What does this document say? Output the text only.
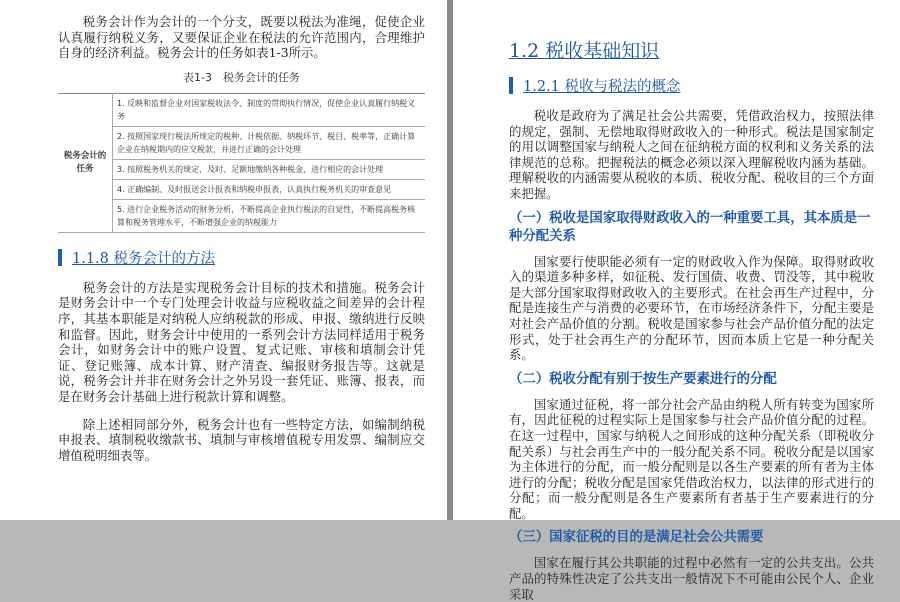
税务会计作为会计的一个分支，既要以税法为准绳，促使企业认真履行纳税义务，又要保证企业在税法的允许范围内，合理维护自身的经济利益。税务会计的任务如表1-3所示。

表1-3　税务会计的任务
税务会计的任务	1. 反映和监督企业对国家税收法令、制度的贯彻执行情况，促使企业认真履行纳税义务
2. 按照国家现行税法所规定的税种、计税依据、纳税环节、税目、税率等，正确计算企业在纳税期内的应交税款，并进行正确的会计处理
3. 按照税务机关的规定，及时、足额地缴纳各种税金，进行相应的会计处理
4. 正确编制、及时报送会计报表和纳税申报表，认真执行税务机关的审查意见
5. 进行企业税务活动的财务分析，不断提高企业执行税法的自觉性，不断提高税务核算和税务管理水平，不断增强企业的纳税能力
1.1.8 税务会计的方法

税务会计的方法是实现税务会计目标的技术和措施。税务会计是财务会计中一个专门处理会计收益与应税收益之间差异的会计程序，其基本职能是对纳税人应纳税款的形成、申报、缴纳进行反映和监督。因此，财务会计中使用的一系列会计方法同样适用于税务会计，如财务会计中的账户设置、复式记账、审核和填制会计凭证、登记账簿、成本计算、财产清查、编报财务报告等。这就是说，税务会计并非在财务会计之外另设一套凭证、账簿、报表，而是在财务会计基础上进行税款计算和调整。

除上述相同部分外，税务会计也有一些特定方法，如编制纳税申报表、填制税收缴款书、填制与审核增值税专用发票、编制应交增值税明细表等。

1.2 税收基础知识
1.2.1 税收与税法的概念

税收是政府为了满足社会公共需要，凭借政治权力，按照法律的规定，强制、无偿地取得财政收入的一种形式。税法是国家制定的用以调整国家与纳税人之间在征纳税方面的权利和义务关系的法律规范的总称。把握税法的概念必须以深入理解税收内涵为基础。理解税收的内涵需要从税收的本质、税收分配、税收目的三个方面来把握。

（一）税收是国家取得财政收入的一种重要工具，其本质是一种分配关系

国家要行使职能必须有一定的财政收入作为保障。取得财政收入的渠道多种多样，如征税、发行国债、收费、罚没等，其中税收是大部分国家取得财政收入的主要形式。在社会再生产过程中，分配是连接生产与消费的必要环节，在市场经济条件下，分配主要是对社会产品价值的分割。税收是国家参与社会产品价值分配的法定形式，处于社会再生产的分配环节，因而本质上它是一种分配关系。

（二）税收分配有别于按生产要素进行的分配

国家通过征税，将一部分社会产品由纳税人所有转变为国家所有，因此征税的过程实际上是国家参与社会产品价值分配的过程。在这一过程中，国家与纳税人之间形成的这种分配关系（即税收分配关系）与社会再生产中的一般分配关系不同。税收分配是以国家为主体进行的分配，而一般分配则是以各生产要素的所有者为主体进行的分配；税收分配是国家凭借政治权力，以法律的形式进行的分配；而一般分配则是各生产要素所有者基于生产要素进行的分配。

（三）国家征税的目的是满足社会公共需要

国家在履行其公共职能的过程中必然有一定的公共支出。公共产品的特殊性决定了公共支出一般情况下不可能由公民个人、企业采取
